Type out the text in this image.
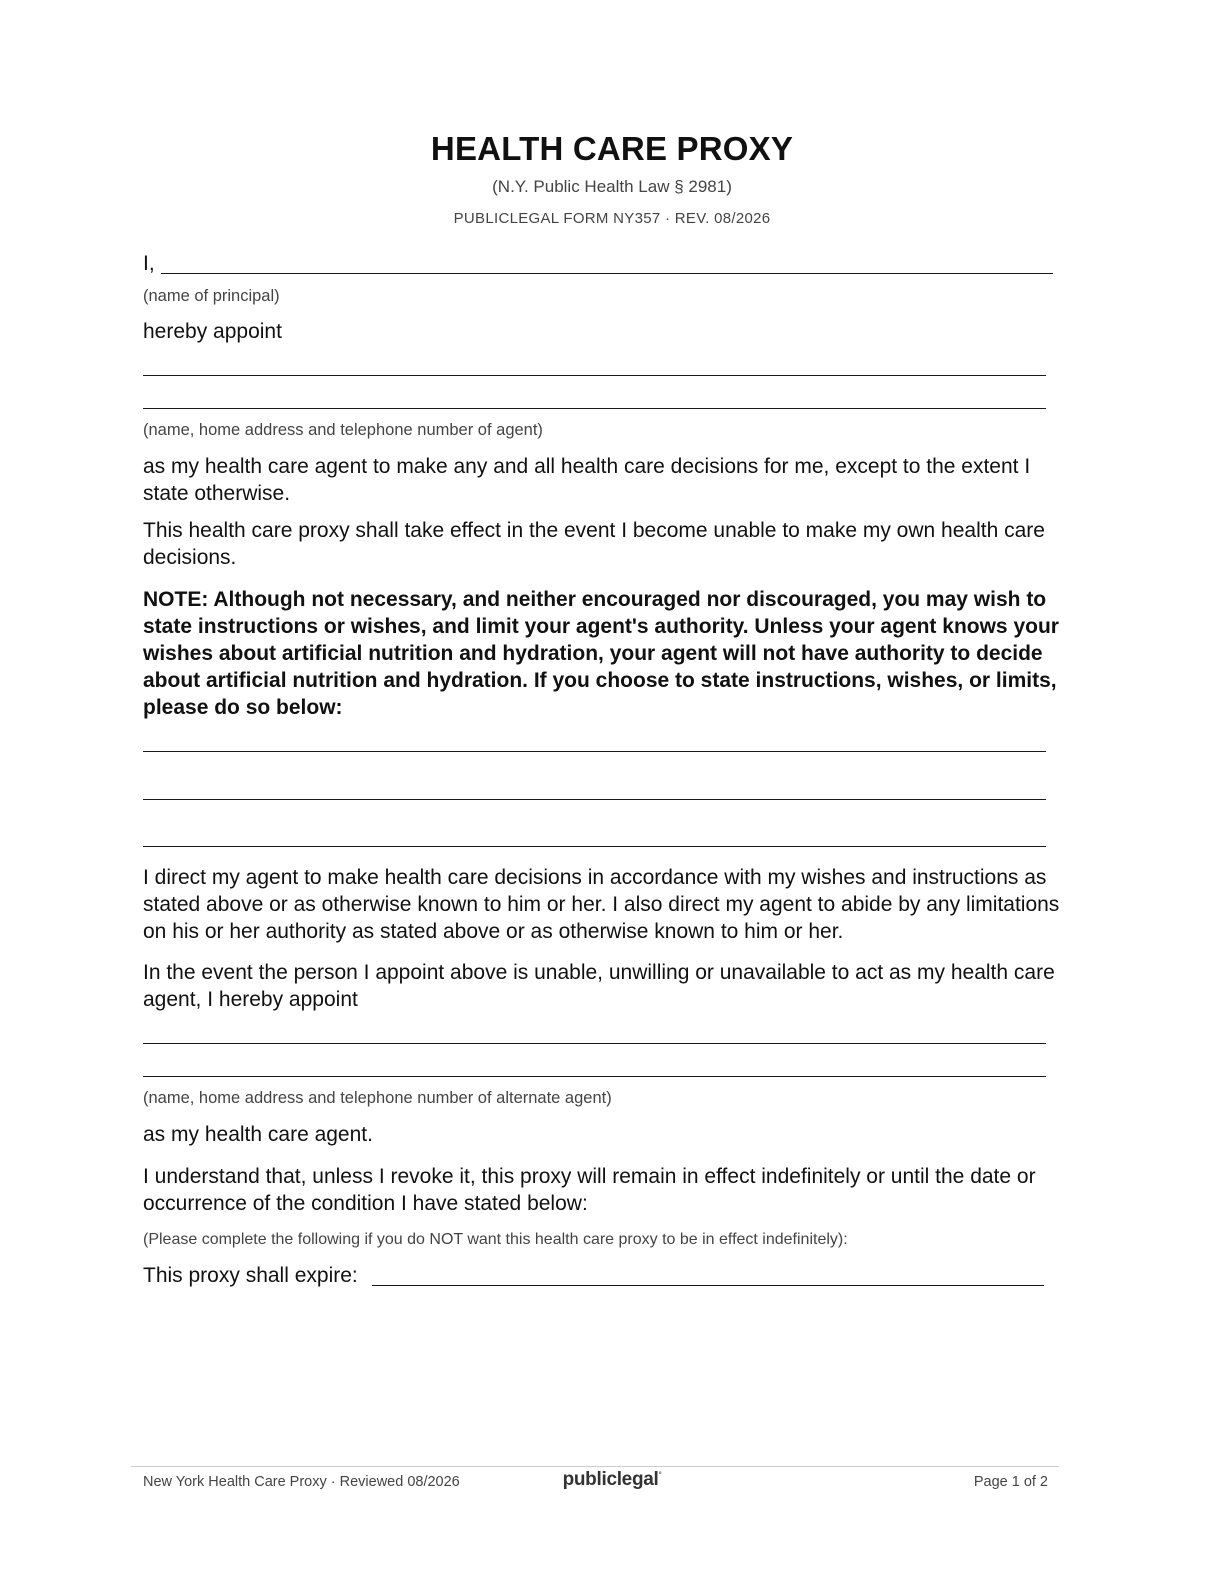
HEALTH CARE PROXY
(N.Y. Public Health Law § 2981)
PUBLICLEGAL FORM NY357 · REV. 08/2026
I,
(name of principal)
hereby appoint
(name, home address and telephone number of agent)
as my health care agent to make any and all health care decisions for me, except to the extent I state otherwise.
This health care proxy shall take effect in the event I become unable to make my own health care decisions.
NOTE: Although not necessary, and neither encouraged nor discouraged, you may wish to state instructions or wishes, and limit your agent's authority. Unless your agent knows your wishes about artificial nutrition and hydration, your agent will not have authority to decide about artificial nutrition and hydration. If you choose to state instructions, wishes, or limits, please do so below:
I direct my agent to make health care decisions in accordance with my wishes and instructions as stated above or as otherwise known to him or her. I also direct my agent to abide by any limitations on his or her authority as stated above or as otherwise known to him or her.
In the event the person I appoint above is unable, unwilling or unavailable to act as my health care agent, I hereby appoint
(name, home address and telephone number of alternate agent)
as my health care agent.
I understand that, unless I revoke it, this proxy will remain in effect indefinitely or until the date or occurrence of the condition I have stated below:
(Please complete the following if you do NOT want this health care proxy to be in effect indefinitely):
This proxy shall expire:
New York Health Care Proxy · Reviewed 08/2026	publiclegal°	Page 1 of 2
